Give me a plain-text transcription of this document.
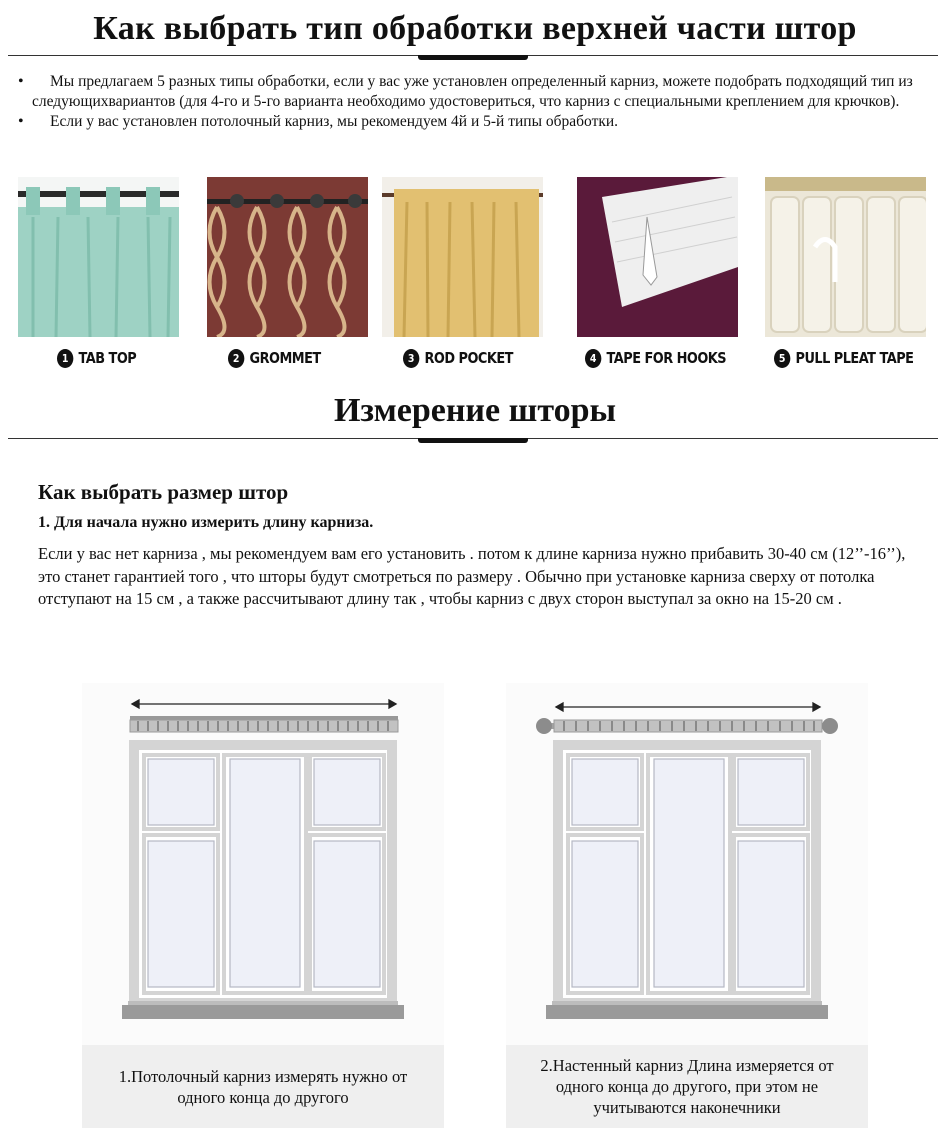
Как выбрать тип обработки верхней части штор
• Мы предлагаем 5 разных типы обработки, если у вас уже установлен определенный карниз, можете подобрать подходящий тип из следующихвариантов (для 4-го и 5-го варианта необходимо удостовериться, что карниз с специальными креплением для крючков).
• Если у вас установлен потолочный карниз, мы рекомендуем 4й и 5-й типы обработки.
1 TAB TOP	2 GROMMET	3 ROD POCKET	4 TAPE FOR HOOKS	5 PULL PLEAT TAPE
Измерение шторы
Как выбрать размер штор
1. Для начала нужно измерить длину карниза.

Если у вас нет карниза , мы рекомендуем вам его установить . потом к длине карниза нужно прибавить 30-40 см (12’’-16’’), это станет гарантией того , что шторы будут смотреться по размеру . Обычно при установке карниза сверху от потолка отступают на 15 см , а также рассчитывают длину так , чтобы карниз с двух сторон выступал за окно на 15-20 см .

1.Потолочный карниз измерять нужно от
одного конца до другого
2.Настенный карниз Длина измеряется от
одного конца до другого, при этом не
учитываются наконечники
